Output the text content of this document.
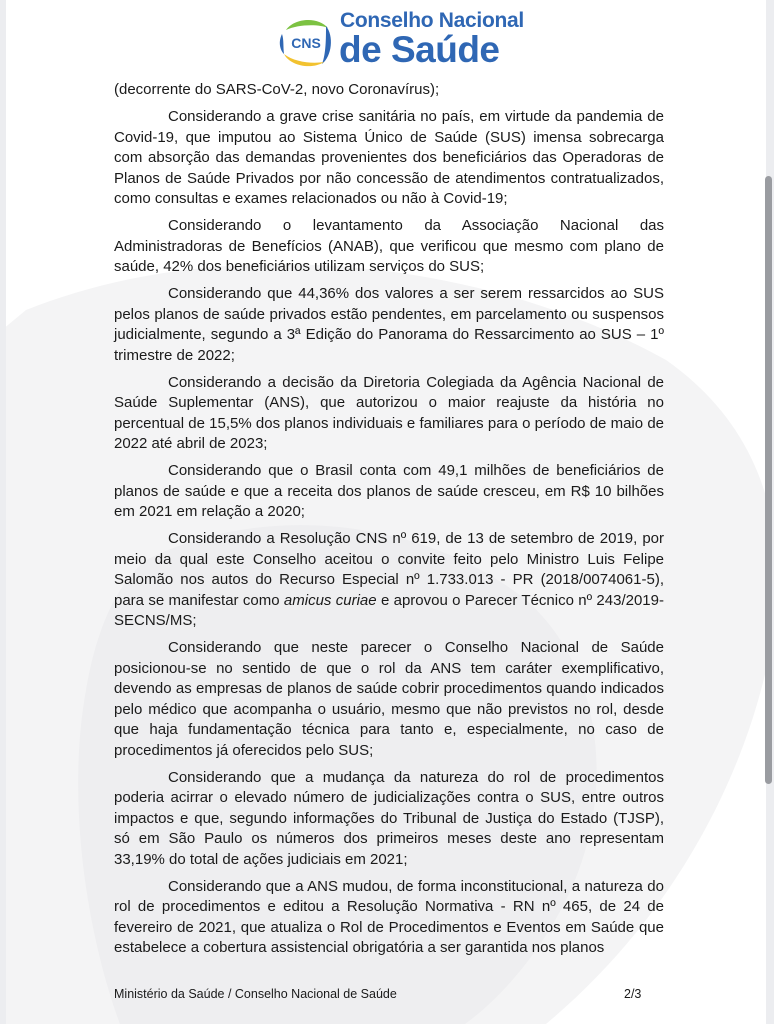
CNS
Conselho Nacional
de Saúde

(decorrente do SARS-CoV-2, novo Coronavírus);

Considerando a grave crise sanitária no país, em virtude da pandemia de Covid-19, que imputou ao Sistema Único de Saúde (SUS) imensa sobrecarga com absorção das demandas provenientes dos beneficiários das Operadoras de Planos de Saúde Privados por não concessão de atendimentos contratualizados, como consultas e exames relacionados ou não à Covid-19;

Considerando o levantamento da Associação Nacional das Administradoras de Benefícios (ANAB), que verificou que mesmo com plano de saúde, 42% dos beneficiários utilizam serviços do SUS;

Considerando que 44,36% dos valores a ser serem ressarcidos ao SUS pelos planos de saúde privados estão pendentes, em parcelamento ou suspensos judicialmente, segundo a 3ª Edição do Panorama do Ressarcimento ao SUS – 1º trimestre de 2022;

Considerando a decisão da Diretoria Colegiada da Agência Nacional de Saúde Suplementar (ANS), que autorizou o maior reajuste da história no percentual de 15,5% dos planos individuais e familiares para o período de maio de 2022 até abril de 2023;

Considerando que o Brasil conta com 49,1 milhões de beneficiários de planos de saúde e que a receita dos planos de saúde cresceu, em R$ 10 bilhões em 2021 em relação a 2020;

Considerando a Resolução CNS nº 619, de 13 de setembro de 2019, por meio da qual este Conselho aceitou o convite feito pelo Ministro Luis Felipe Salomão nos autos do Recurso Especial nº 1.733.013 - PR (2018/0074061-5), para se manifestar como amicus curiae e aprovou o Parecer Técnico nº 243/2019-SECNS/MS;

Considerando que neste parecer o Conselho Nacional de Saúde posicionou-se no sentido de que o rol da ANS tem caráter exemplificativo, devendo as empresas de planos de saúde cobrir procedimentos quando indicados pelo médico que acompanha o usuário, mesmo que não previstos no rol, desde que haja fundamentação técnica para tanto e, especialmente, no caso de procedimentos já oferecidos pelo SUS;

Considerando que a mudança da natureza do rol de procedimentos poderia acirrar o elevado número de judicializações contra o SUS, entre outros impactos e que, segundo informações do Tribunal de Justiça do Estado (TJSP), só em São Paulo os números dos primeiros meses deste ano representam 33,19% do total de ações judiciais em 2021;

Considerando que a ANS mudou, de forma inconstitucional, a natureza do rol de procedimentos e editou a Resolução Normativa - RN nº 465, de 24 de fevereiro de 2021, que atualiza o Rol de Procedimentos e Eventos em Saúde que estabelece a cobertura assistencial obrigatória a ser garantida nos planos

Ministério da Saúde / Conselho Nacional de Saúde	2/3
